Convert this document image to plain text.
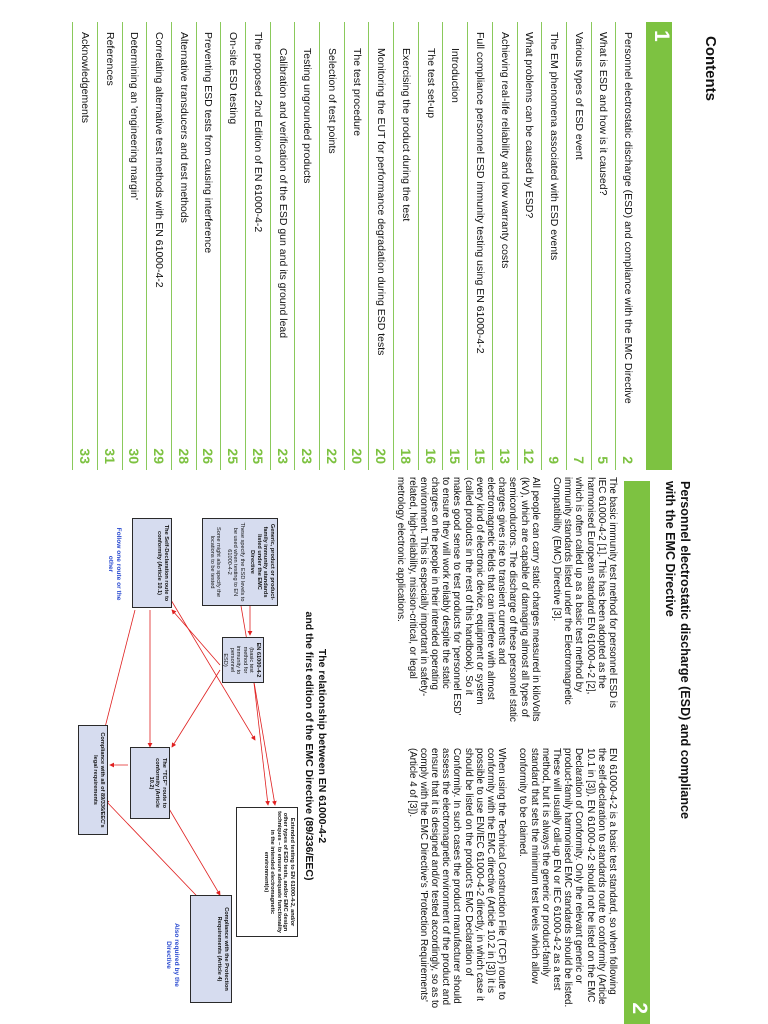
Contents
1
Personnel electrostatic discharge (ESD) and compliance with the EMC Directive
2
What is ESD and how is it caused?
5
Various types of ESD event
7
The EM phenomena associated with ESD events
9
What problems can be caused by ESD?
12
Achieving real-life reliability and low warranty costs
13
Full compliance personnel ESD immunity testing using EN 61000-4-2
15
Introduction
15
The test set-up
16
Exercising the product during the test
18
Monitoring the EUT for performance degradation during ESD tests
20
The test procedure
20
Selection of test points
22
Testing ungrounded products
23
Calibration and verification of the ESD gun and its ground lead
23
The proposed 2nd Edition of EN 61000-4-2
25
On-site ESD testing
25
Preventing ESD tests from causing interference
26
Alternative transducers and test methods
28
Correlating alternative test methods with EN 61000-4-2
29
Determining an 'engineering margin'
30
References
31
Acknowledgements
33
Personnel electrostatic discharge (ESD) and compliance
with the EMC Directive
2

The basic immunity test method for personnel ESD is IEC 61000-4-2 [1]. This has been adopted as the harmonised European standard EN 61000-4-2 [2], which is often called up as a basic test method by immunity standards listed under the Electromagnetic Compatibility (EMC) Directive [3].

All people can carry static charges measured in kiloVolts (kV), which are capable of damaging almost all types of semiconductors. The discharge of these personnel static charges gives rise to transient currents and electromagnetic fields that can interfere with almost every kind of electronic device, equipment or system (called products in the rest of this handbook). So it makes good sense to test products for 'personnel ESD' to ensure they will work reliably despite the static charges on the people in their intended operating environment. This is especially important in safety-related, high-reliability, mission-critical, or legal metrology electronic applications.

EN 61000-4-2 is a basic test standard, so when following the self-declaration to standards route to conformity (Article 10.1 in [3]), EN 61000-4-2 should not be listed on the EMC Declaration of Conformity. Only the relevant generic or product-family harmonised EMC standards should be listed. These will usually call-up EN or IEC 61000-4-2 as a test method, but it is always the generic or product-family standard that sets the minimum test levels which allow conformity to be claimed.

When using the Technical Construction File (TCF) route to conformity with the EMC directive (Article 10.2 in [3]) it is possible to use EN/IEC 61000-4-2 directly, in which case it should be listed on the product's EMC Declaration of Conformity. In such cases the product manufacturer should assess the electromagnetic environment of the product and ensure that it is designed and/or tested accordingly, so as to comply with the EMC Directive's 'Protection Requirements' (Article 4 of [3]).

The relationship between EN 61000-4-2
and the first edition of the EMC Directive (89/336/EEC)
Generic, product or product-family immunity standards listed under the EMC Directive
These specify the ESD levels to be used when testing to EN 61000-4-2
Some might also specify the locations to be tested
EN 61000-4-2
(basic test method for immunity to personnel ESD)
Extended testing to EN 61000-4-2, and/or other types of ESD tests, and/or EMC design techniques – to ensure adequate functionality in the intended electromagnetic environment(s)
The Self-Declaration route to conformity (Article 10.1)
The "TCF" route to conformity (Article 10.2)
Compliance with the Protection Requirements (Article 4)
Compliance with all of 89/336/EEC's legal requirements
Follow one route or the other
Also required by the Directive
